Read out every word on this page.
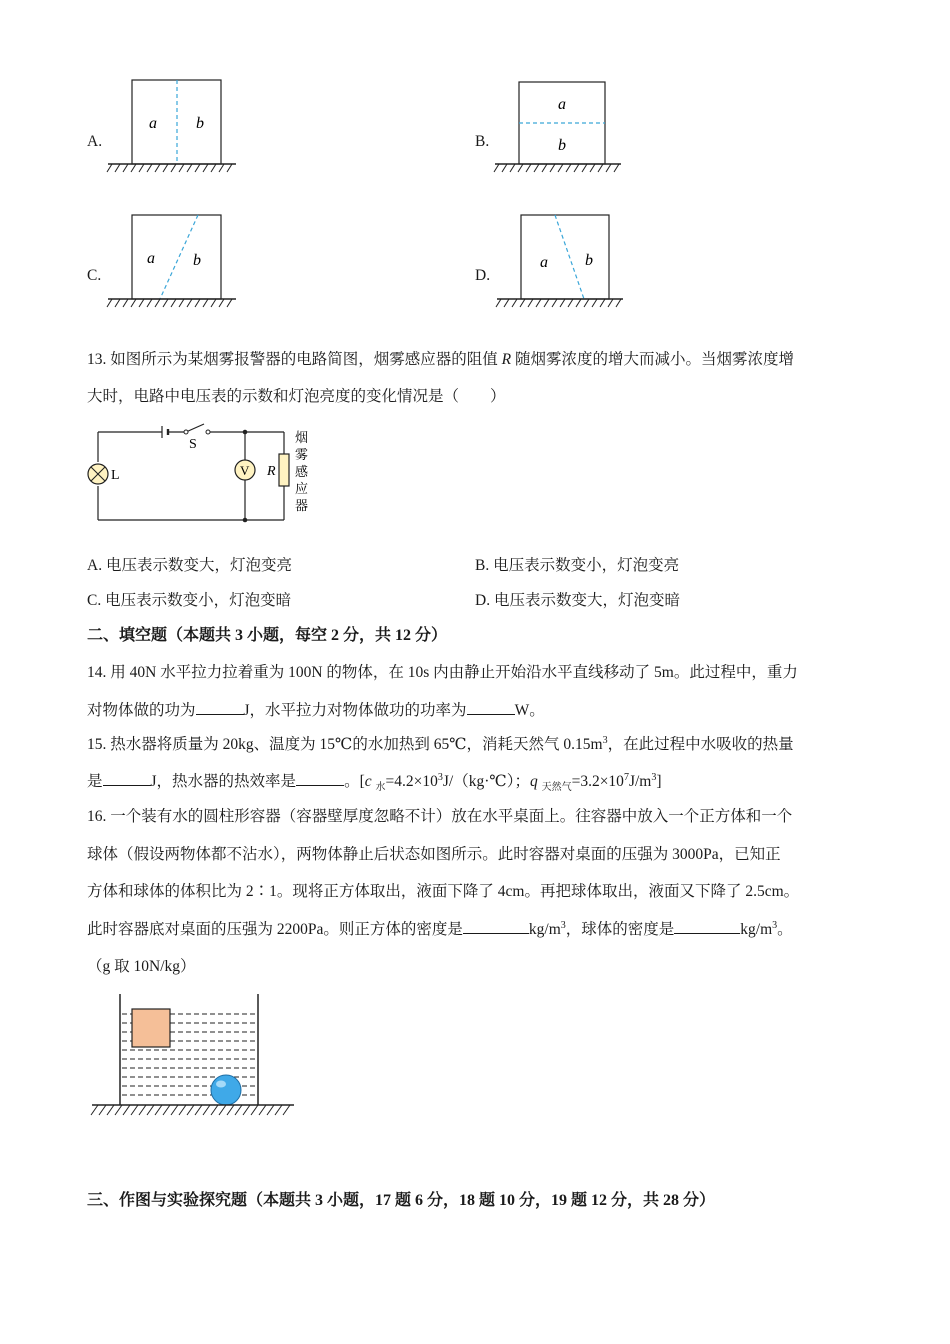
A.
a b
B.
a
b
C.
a b
D.
a b
13. 如图所示为某烟雾报警器的电路简图，烟雾感应器的阻值 R 随烟雾浓度的增大而减小。当烟雾浓度增
大时，电路中电压表的示数和灯泡亮度的变化情况是（　　）
V R
S
L
烟
雾
感
应
器
A. 电压表示数变大，灯泡变亮	B. 电压表示数变小，灯泡变亮
C. 电压表示数变小，灯泡变暗	D. 电压表示数变大，灯泡变暗
二、填空题（本题共 3 小题，每空 2 分，共 12 分）
14. 用 40N 水平拉力拉着重为 100N 的物体，在 10s 内由静止开始沿水平直线移动了 5m。此过程中，重力
对物体做的功为	J，水平拉力对物体做功的功率为	W。
15. 热水器将质量为 20kg、温度为 15℃的水加热到 65℃，消耗天然气 $0.15m^3$，在此过程中水吸收的热量
是	J，热水器的热效率是	。[c $_水=4.2\times 10^3J/(kg\cdot℃)$；q $_{天然气}=3.2\times 10^7J/m^3$]
16. 一个装有水的圆柱形容器（容器壁厚度忽略不计）放在水平桌面上。往容器中放入一个正方体和一个
球体（假设两物体都不沾水），两物体静止后状态如图所示。此时容器对桌面的压强为 3000Pa，已知正
方体和球体的体积比为 2∶1。现将正方体取出，液面下降了 4cm。再把球体取出，液面又下降了 2.5cm。
此时容器底对桌面的压强为 2200Pa。则正方体的密度是	$kg/m^3$，球体的密度是	$kg/m^3$。
（g 取 10N/kg）
三、作图与实验探究题（本题共 3 小题，17 题 6 分，18 题 10 分，19 题 12 分，共 28 分）
